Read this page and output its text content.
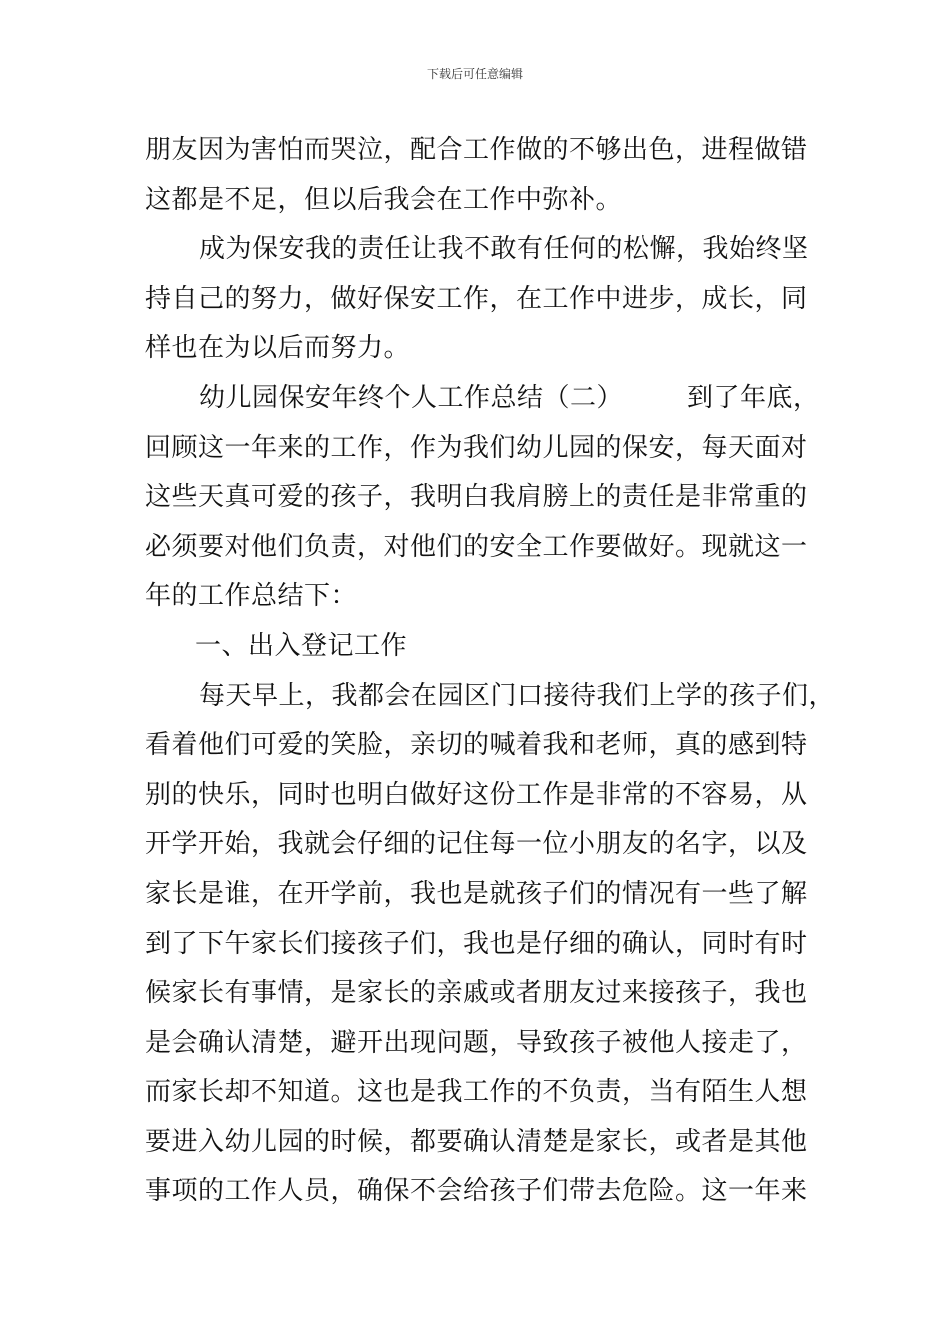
下载后可任意编辑
朋友因为害怕而哭泣，配合工作做的不够出色，进程做错
这都是不足，但以后我会在工作中弥补。
成为保安我的责任让我不敢有任何的松懈，我始终坚
持自己的努力，做好保安工作，在工作中进步，成长，同
样也在为以后而努力。
幼儿园保安年终个人工作总结（二） 到了年底，
回顾这一年来的工作，作为我们幼儿园的保安，每天面对
这些天真可爱的孩子，我明白我肩膀上的责任是非常重的
必须要对他们负责，对他们的安全工作要做好。现就这一
年的工作总结下：
一、出入登记工作
每天早上，我都会在园区门口接待我们上学的孩子们，
看着他们可爱的笑脸，亲切的喊着我和老师，真的感到特
别的快乐，同时也明白做好这份工作是非常的不容易，从
开学开始，我就会仔细的记住每一位小朋友的名字，以及
家长是谁，在开学前，我也是就孩子们的情况有一些了解
到了下午家长们接孩子们，我也是仔细的确认，同时有时
候家长有事情，是家长的亲戚或者朋友过来接孩子，我也
是会确认清楚，避开出现问题，导致孩子被他人接走了，
而家长却不知道。这也是我工作的不负责，当有陌生人想
要进入幼儿园的时候，都要确认清楚是家长，或者是其他
事项的工作人员，确保不会给孩子们带去危险。这一年来
